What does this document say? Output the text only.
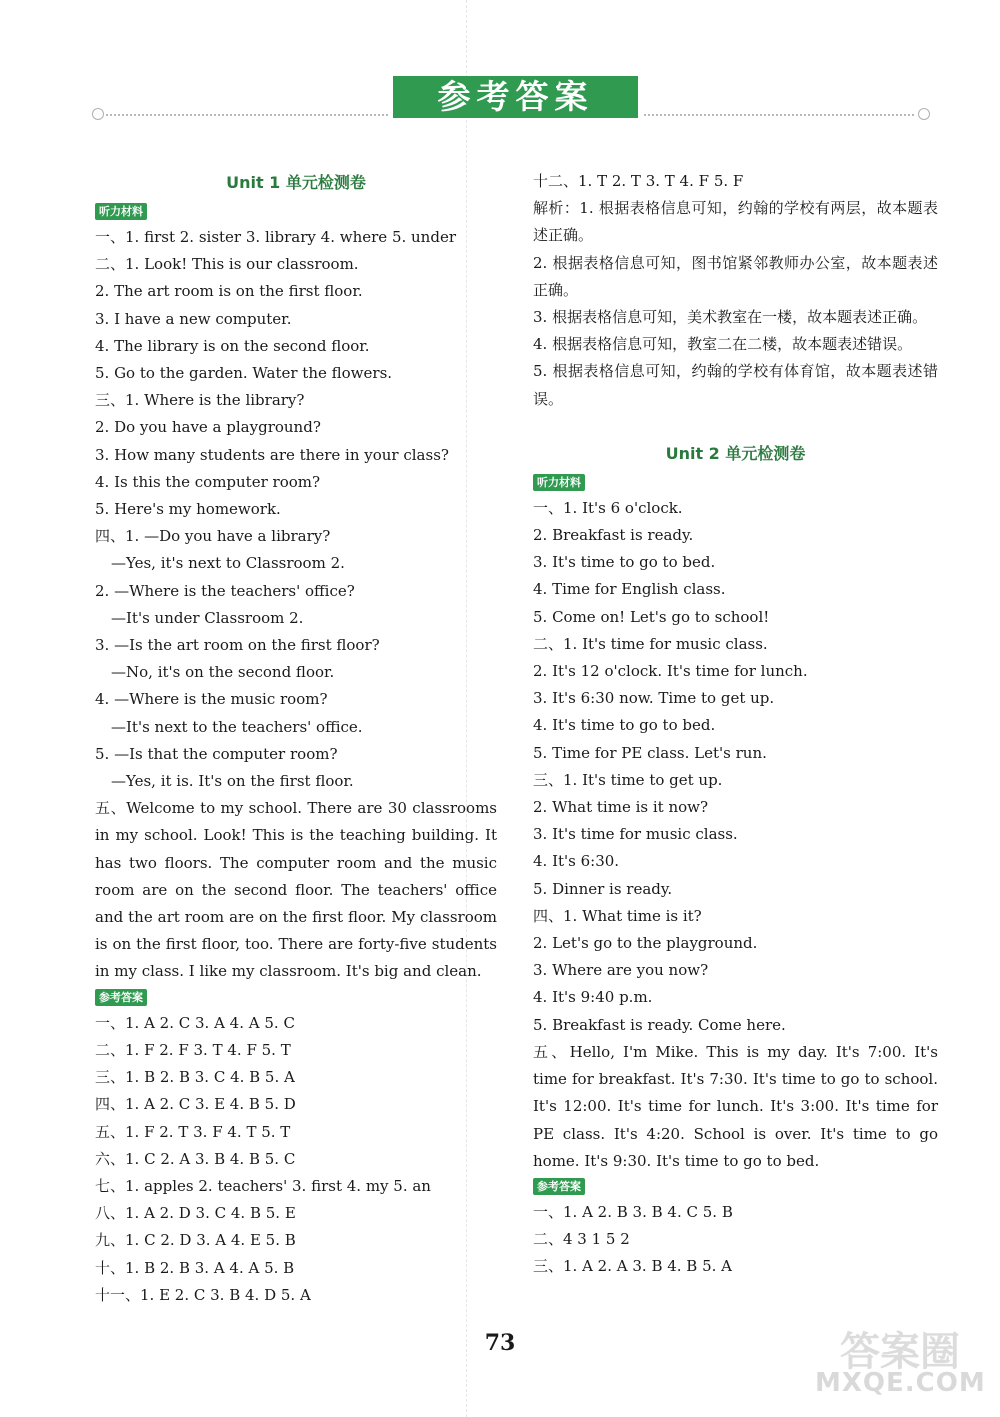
参考答案
Unit 1 单元检测卷
听力材料
一、1. first 2. sister 3. library 4. where 5. under
二、1. Look! This is our classroom.
2. The art room is on the first floor.
3. I have a new computer.
4. The library is on the second floor.
5. Go to the garden. Water the flowers.
三、1. Where is the library?
2. Do you have a playground?
3. How many students are there in your class?
4. Is this the computer room?
5. Here's my homework.
四、1. —Do you have a library?
—Yes, it's next to Classroom 2.
2. —Where is the teachers' office?
—It's under Classroom 2.
3. —Is the art room on the first floor?
—No, it's on the second floor.
4. —Where is the music room?
—It's next to the teachers' office.
5. —Is that the computer room?
—Yes, it is. It's on the first floor.
五、Welcome to my school. There are 30 classrooms in my school. Look! This is the teaching building. It has two floors. The computer room and the music room are on the second floor. The teachers' office and the art room are on the first floor. My classroom is on the first floor, too. There are forty-five students in my class. I like my classroom. It's big and clean.
参考答案
一、1. A 2. C 3. A 4. A 5. C
二、1. F 2. F 3. T 4. F 5. T
三、1. B 2. B 3. C 4. B 5. A
四、1. A 2. C 3. E 4. B 5. D
五、1. F 2. T 3. F 4. T 5. T
六、1. C 2. A 3. B 4. B 5. C
七、1. apples 2. teachers' 3. first 4. my 5. an
八、1. A 2. D 3. C 4. B 5. E
九、1. C 2. D 3. A 4. E 5. B
十、1. B 2. B 3. A 4. A 5. B
十一、1. E 2. C 3. B 4. D 5. A
十二、1. T 2. T 3. T 4. F 5. F
解析：1. 根据表格信息可知，约翰的学校有两层，故本题表述正确。
2. 根据表格信息可知，图书馆紧邻教师办公室，故本题表述正确。
3. 根据表格信息可知，美术教室在一楼，故本题表述正确。
4. 根据表格信息可知，教室二在二楼，故本题表述错误。
5. 根据表格信息可知，约翰的学校有体育馆，故本题表述错误。
Unit 2 单元检测卷
听力材料
一、1. It's 6 o'clock.
2. Breakfast is ready.
3. It's time to go to bed.
4. Time for English class.
5. Come on! Let's go to school!
二、1. It's time for music class.
2. It's 12 o'clock. It's time for lunch.
3. It's 6:30 now. Time to get up.
4. It's time to go to bed.
5. Time for PE class. Let's run.
三、1. It's time to get up.
2. What time is it now?
3. It's time for music class.
4. It's 6:30.
5. Dinner is ready.
四、1. What time is it?
2. Let's go to the playground.
3. Where are you now?
4. It's 9:40 p.m.
5. Breakfast is ready. Come here.
五、Hello, I'm Mike. This is my day. It's 7:00. It's time for breakfast. It's 7:30. It's time to go to school. It's 12:00. It's time for lunch. It's 3:00. It's time for PE class. It's 4:20. School is over. It's time to go home. It's 9:30. It's time to go to bed.
参考答案
一、1. A 2. B 3. B 4. C 5. B
二、4 3 1 5 2
三、1. A 2. A 3. B 4. B 5. A
73	答案圈
MXQE.COM
